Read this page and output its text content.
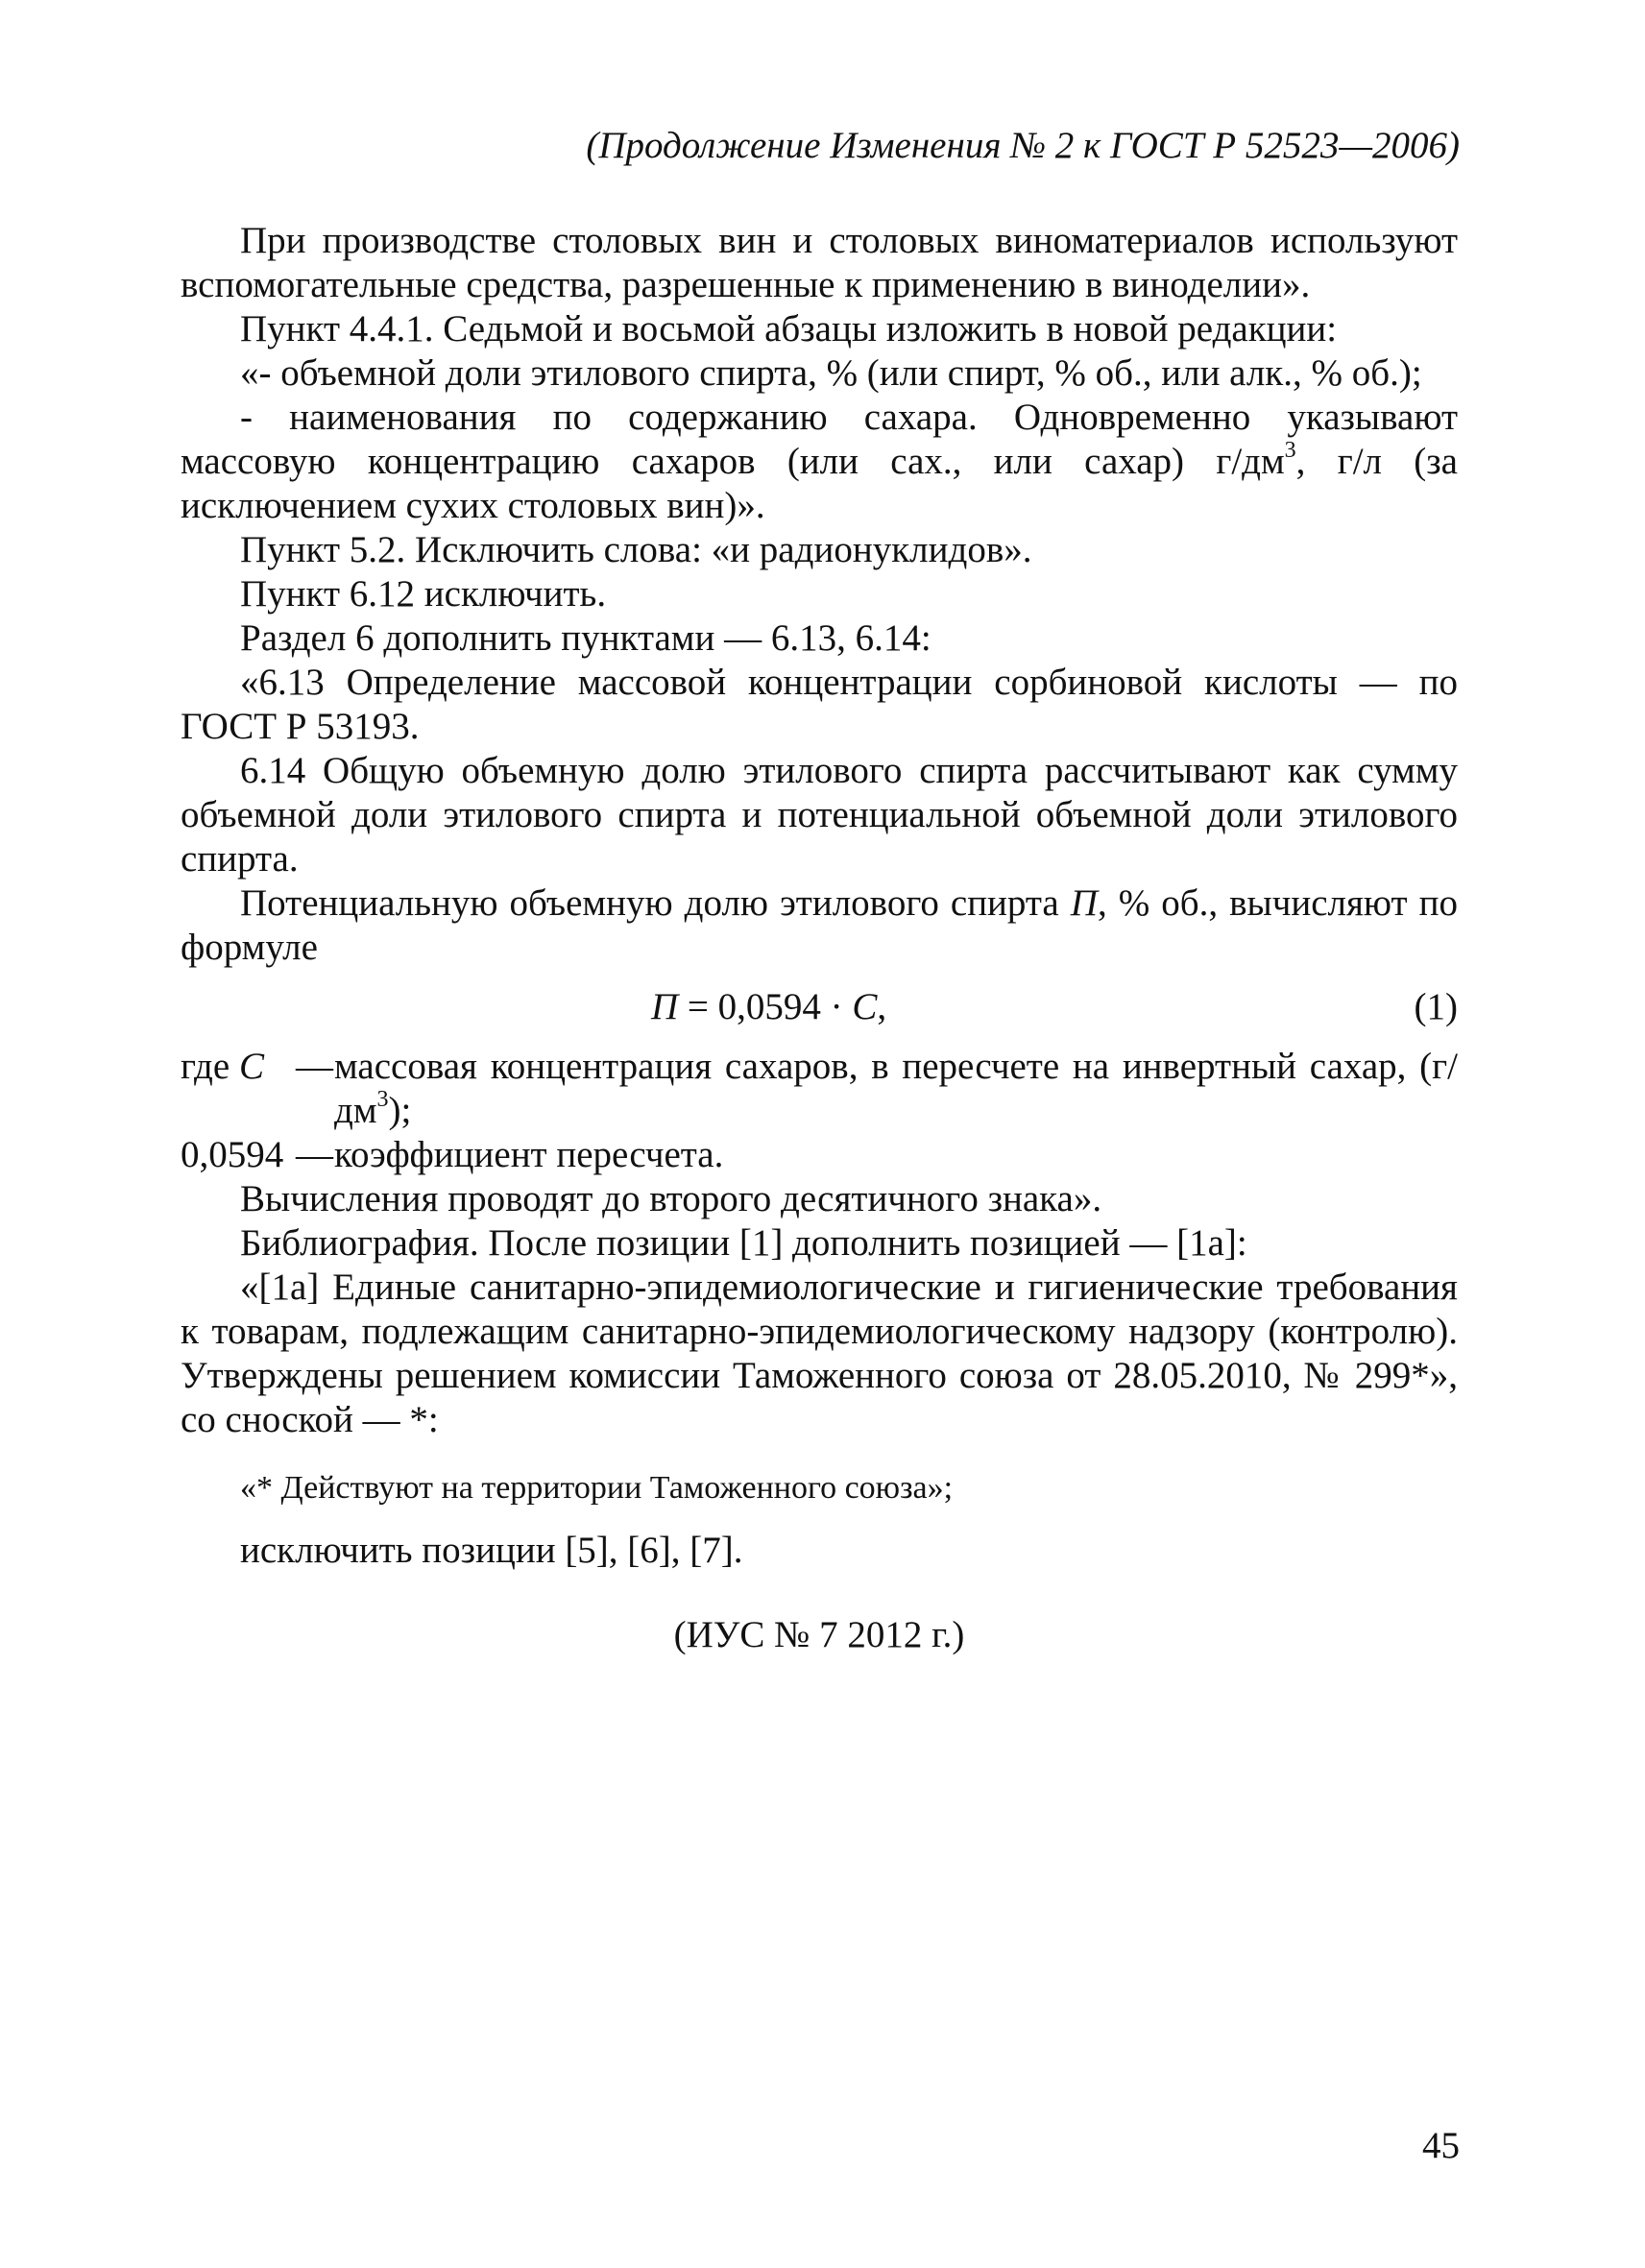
(Продолжение Изменения № 2 к ГОСТ Р 52523—2006)

При производстве столовых вин и столовых виноматериалов используют вспомогательные средства, разрешенные к применению в виноделии».

Пункт 4.4.1. Седьмой и восьмой абзацы изложить в новой редакции:

«- объемной доли этилового спирта, % (или спирт, % об., или алк., % об.);

- наименования по содержанию сахара. Одновременно указывают массовую концентрацию сахаров (или сах., или сахар) $г/дм^3$, г/л (за исключением сухих столовых вин)».

Пункт 5.2. Исключить слова: «и радионуклидов».

Пункт 6.12 исключить.

Раздел 6 дополнить пунктами — 6.13, 6.14:

«6.13 Определение массовой концентрации сорбиновой кислоты — по ГОСТ Р 53193.

6.14 Общую объемную долю этилового спирта рассчитывают как сумму объемной доли этилового спирта и потенциальной объемной доли этилового спирта.

Потенциальную объемную долю этилового спирта П, % об., вычисляют по формуле

П = 0,0594 · C,	(1)
где C — массовая концентрация сахаров, в пересчете на инвертный сахар, $(г/дм^3)$;
0,0594 — коэффициент пересчета.

Вычисления проводят до второго десятичного знака».

Библиография. После позиции [1] дополнить позицией — [1а]:

«[1а] Единые санитарно-эпидемиологические и гигиенические требования к товарам, подлежащим санитарно-эпидемиологическому надзору (контролю). Утверждены решением комиссии Таможенного союза от 28.05.2010, № 299*», со сноской — *:

«* Действуют на территории Таможенного союза»;

исключить позиции [5], [6], [7].

(ИУС № 7 2012 г.)

45
